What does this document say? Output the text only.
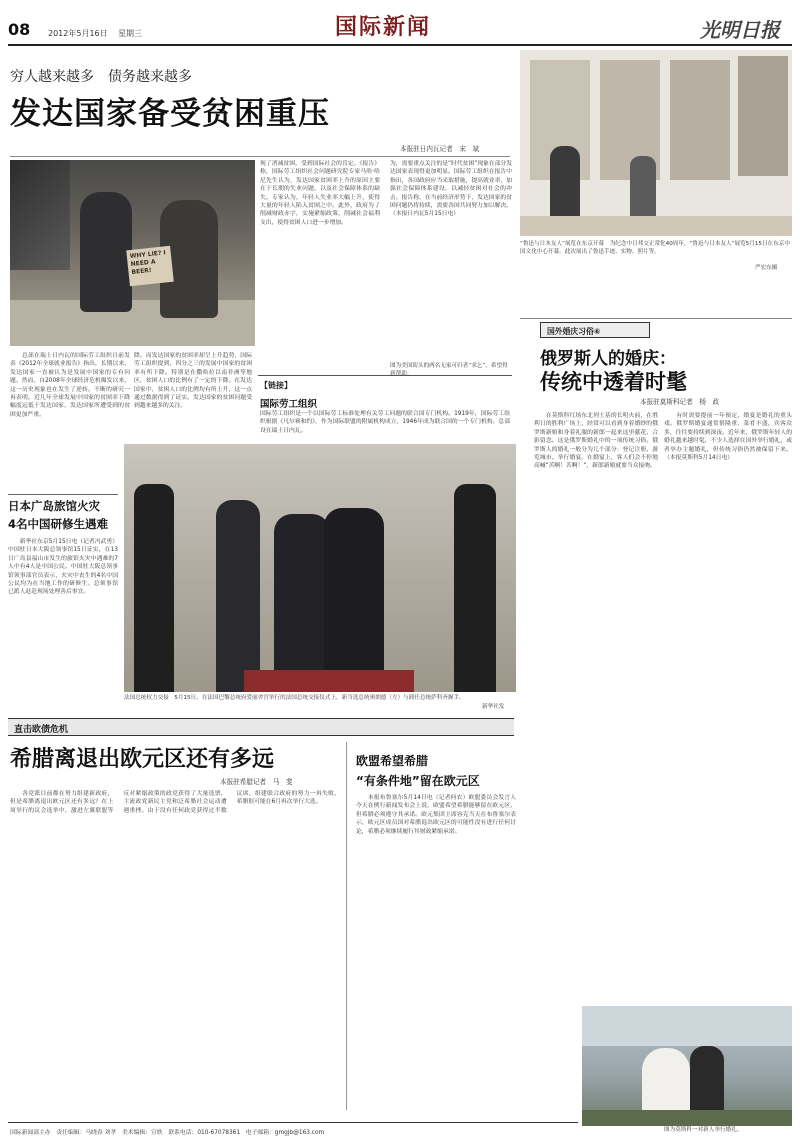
08 2012年5月16日 星期三	国际新闻	光明日报
穷人越来越多　债务越来越多
发达国家备受贫困重压
本报驻日内瓦记者　宋　斌
WHY LIE? I NEED A BEER!
　　总部在瑞士日内瓦的国际劳工组织日前发表《2012年全球就业报告》指出，长期以来，发达国家一直被认为是发展中国家的专有问题。然而，自2008年全球经济危机爆发以来，这一历史现象也在发生了逆转。不断的研究一再表明，近几年全球发展中国家的贫困率下降幅度远低于发达国家，发达国家所遭受到的贫困更加严重。
降。而发达国家的贫困率却呈上升趋势，国际劳工组织提到，四分之三的发展中国家的贫困率有所下降。特别是在撒哈拉以南非洲等地区，贫困人口的比例有了一定的下降。在发达国家中，贫困人口的比例均有所上升，这一点通过数据得到了证实。发达国家的贫困问题受到越来越多的关注。
现了消减贫困，受到国际社会的肯定。《报告》称，国际劳工组织社会问题研究院专家马哈·哈尼先生认为，发达国家贫困率上升的原因主要在于长期的失业问题，以及社会保障体系的缺失。专家认为，年轻人失业率大幅上升，使得大量的年轻人陷入贫困之中。此外，政府为了削减财政赤字，实施紧缩政策，削减社会福利支出，使得贫困人口进一步增加。
为，需要重点关注的是“时代贫困”现象在部分发达国家表现得更加明显。国际劳工组织在报告中指出，各国政府应当采取措施，提高就业率，加强社会保障体系建设，以减轻贫困对社会的冲击。报告称，在当前经济形势下，发达国家的贫困问题仍将持续，需要各国共同努力加以解决。（本报日内瓦5月15日电）
图为美国街头的两名无家可归者“求乞”，希望得到帮助。
【链接】
国际劳工组织
国际劳工组织是一个以国际劳工标准处理有关劳工问题的联合国专门机构。1919年，国际劳工组织根据《凡尔赛和约》，作为国际联盟的附属机构成立，1946年成为联合国的一个专门机构。总部设在瑞士日内瓦。
“鲁迅与日本友人”展览在东京开幕　为纪念中日邦交正常化40周年，“鲁迅与日本友人”展览5月15日在东京中国文化中心开幕。此次展出了鲁迅手迹、实物、照片等。
严宏东摄
日本广岛旅馆火灾
4名中国研修生遇难
　　新华社东京5月15日电（记者冯武勇）中国驻日本大阪总领事馆15日证实，在13日广岛县福山市发生的旅馆火灾中遇难的7人中有4人是中国公民。中国驻大阪总领事馆领事部官员表示，火灾中丧生的4名中国公民均为在当地工作的研修生。总领事馆已派人赶赴现场处理善后事宜。
法国总统权力交接　5月15日，在法国巴黎总统府爱丽舍宫举行的法国总统交接仪式上，新当选总统奥朗德（左）与卸任总统萨科齐握手。
新华社发
国外婚庆习俗⑥
俄罗斯人的婚庆：
传统中透着时髦
本报驻莫斯科记者　杨　政
　　在莫斯科红场东北列士基的长明火前，在胜利日的胜利广场上，经常可以看到身着婚纱的俄罗斯新娘和身着礼服的新郎一起来这里献花、合影留念。这是俄罗斯婚礼中的一项传统习俗。俄罗斯人的婚礼一般分为几个部分：登记注册、游览城市、举行婚宴。在婚宴上，客人们会不停地高喊“苦啊！苦啊！”，新郎新娘就要当众接吻。
　　有时需要提前一年预定，婚宴是婚礼的重头戏。俄罗斯婚宴通常很隆重，菜肴丰盛，宾客众多，往往要持续到深夜。近年来，俄罗斯年轻人的婚礼越来越时髦，不少人选择在国外举行婚礼，或者举办主题婚礼，但传统习俗仍然被保留下来。（本报莫斯科5月14日电）
图为莫斯科一对新人举行婚礼。
直击欧债危机
希腊离退出欧元区还有多远
本报驻希腊记者　马　斐
　　各党派目前都在努力组建新政府，但是希腊离退出欧元区还有多远？在上周举行的议会选举中，激进左翼联盟等反对紧缩政策的政党获得了大量选票，主流政党新民主党和泛希腊社会运动遭遇重挫。由于没有任何政党获得过半数议席，组建联合政府的努力一再失败，希腊很可能在6月再次举行大选。
欧盟希望希腊
“有条件地”留在欧元区
　　本报布鲁塞尔5月14日电（记者何农）欧盟委员会发言人今天在例行新闻发布会上说，欧盟希望希腊能够留在欧元区，但希腊必须遵守其承诺。欧元集团主席容克当天在布鲁塞尔表示，欧元区成员国对希腊退出欧元区的可能性没有进行任何讨论，希腊必须继续履行其财政紧缩承诺。
国际新闻部主办　责任编辑：马晓春 刘孝　美术编辑：宣轶　联系电话：010-67078361　电子邮箱：gmgjb@163.com
